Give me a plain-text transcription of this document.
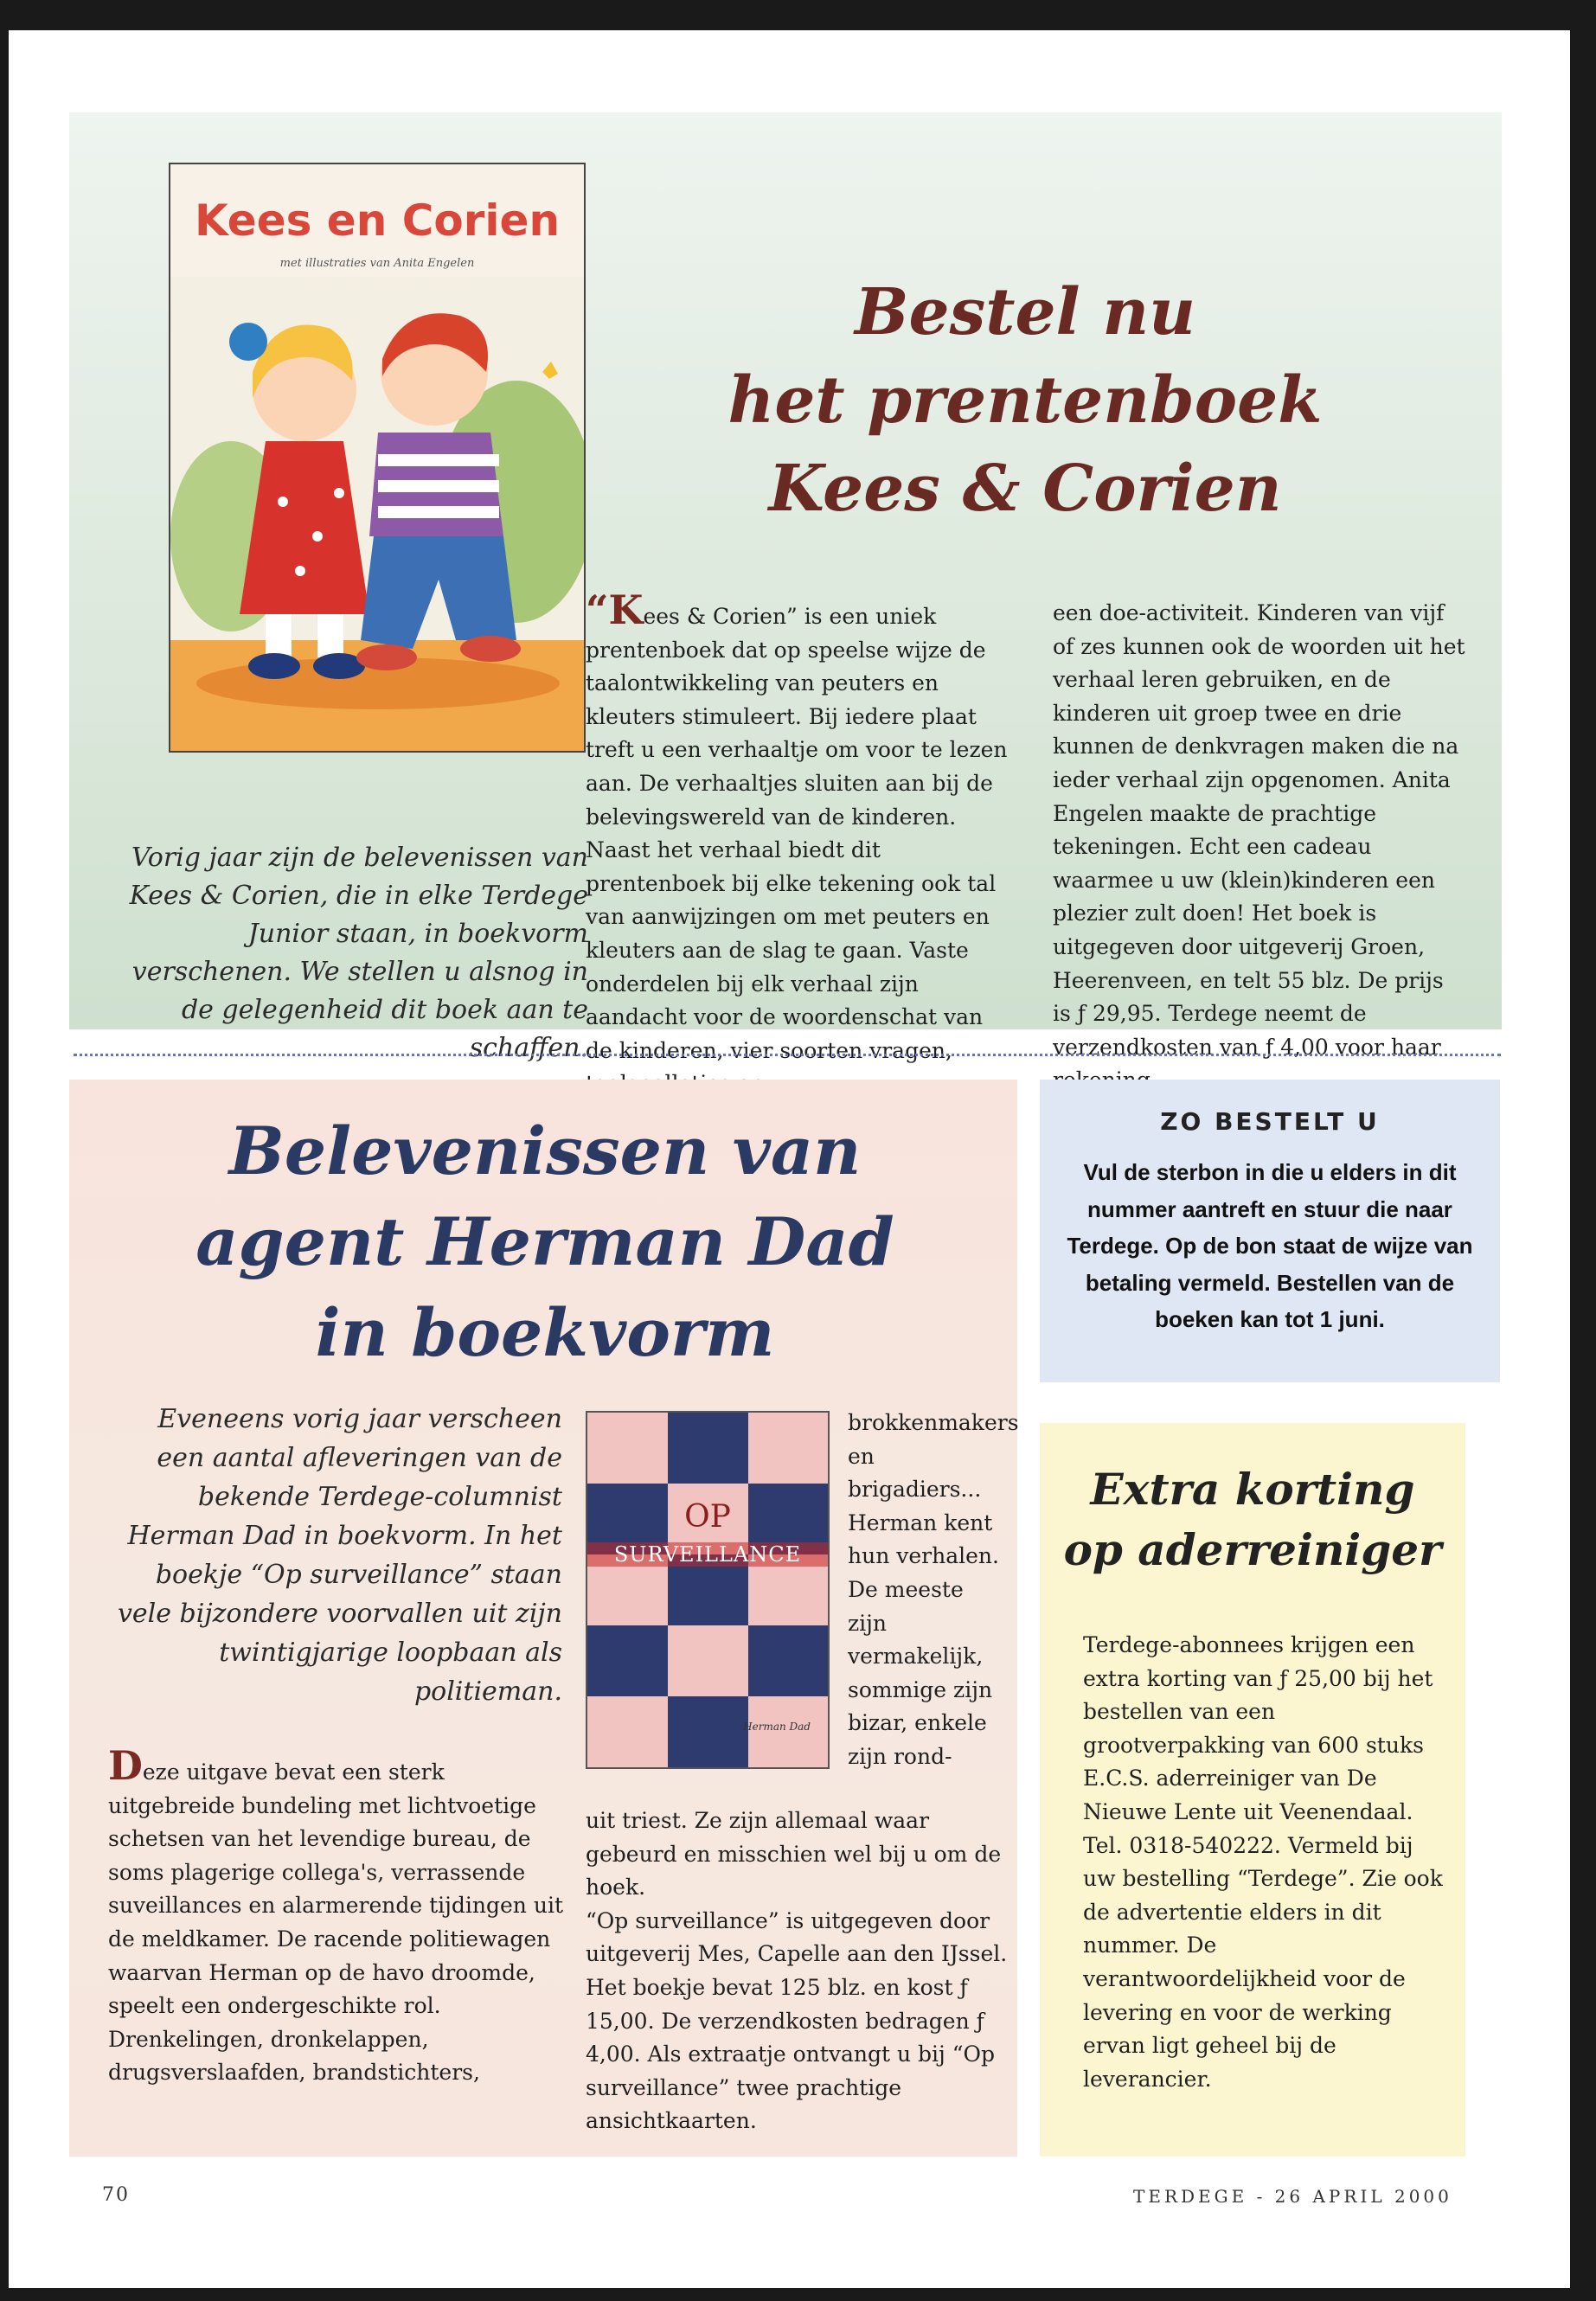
Kees en Corien
met illustraties van Anita Engelen
Bestel nu
het prentenboek
Kees & Corien
Vorig jaar zijn de belevenissen van Kees & Corien, die in elke Terdege Junior staan, in boekvorm verschenen. We stellen u alsnog in de gelegenheid dit boek aan te schaffen.

“Kees & Corien” is een uniek prentenboek dat op speelse wijze de taalontwikkeling van peuters en kleuters stimuleert. Bij iedere plaat treft u een verhaaltje om voor te lezen aan. De verhaaltjes sluiten aan bij de belevingswereld van de kinderen. Naast het verhaal biedt dit prentenboek bij elke tekening ook tal van aanwijzingen om met peuters en kleuters aan de slag te gaan. Vaste onderdelen bij elk verhaal zijn aandacht voor de woordenschat van de kinderen, vier soorten vragen,

een doe-activiteit. Kinderen van vijf of zes kunnen ook de woorden uit het verhaal leren gebruiken, en de kinderen uit groep twee en drie kunnen de denkvragen maken die na ieder verhaal zijn opgenomen. Anita Engelen maakte de prachtige tekeningen. Echt een cadeau waarmee u uw (klein)kinderen een plezier zult doen! Het boek is uitgegeven door uitgeverij Groen, Heerenveen, en telt 55 blz. De prijs is ƒ 29,95. Terdege neemt de verzendkosten van ƒ 4,00 voor haar

Belevenissen van
agent Herman Dad
in boekvorm
Eveneens vorig jaar verscheen een aantal afleveringen van de bekende Terdege-columnist Herman Dad in boekvorm. In het boekje “Op surveillance” staan vele bijzondere voorvallen uit zijn twintigjarige loopbaan als politieman.
OP
SURVEILLANCE
Herman Dad

brokkenmakers en brigadiers... Herman kent hun verhalen. De meeste zijn vermakelijk, sommige zijn bizar, enkele zijn rond-

Deze uitgave bevat een sterk uitgebreide bundeling met lichtvoetige schetsen van het levendige bureau, de soms plagerige collega's, verrassende suveillances en alarmerende tijdingen uit de meldkamer. De racende politiewagen waarvan Herman op de havo droomde, speelt een ondergeschikte rol. Drenkelingen, dronkelappen, drugsverslaafden, brandstichters,

uit triest. Ze zijn allemaal waar gebeurd en misschien wel bij u om de hoek.

“Op surveillance” is uitgegeven door uitgeverij Mes, Capelle aan den IJssel. Het boekje bevat 125 blz. en kost ƒ 15,00. De verzendkosten bedragen ƒ 4,00. Als extraatje ontvangt u bij “Op surveillance” twee prachtige ansichtkaarten.

ZO BESTELT U
Vul de sterbon in die u elders in dit nummer aantreft en stuur die naar Terdege. Op de bon staat de wijze van betaling vermeld. Bestellen van de boeken kan tot 1 juni.
Extra korting
op aderreiniger

Terdege-abonnees krijgen een extra korting van ƒ 25,00 bij het bestellen van een grootverpakking van 600 stuks E.C.S. aderreiniger van De Nieuwe Lente uit Veenendaal. Tel. 0318-540222. Vermeld bij uw bestelling “Terdege”. Zie ook de advertentie elders in dit nummer. De verantwoordelijkheid voor de levering en voor de werking ervan ligt geheel bij de leverancier.

70	TERDEGE - 26 APRIL 2000
